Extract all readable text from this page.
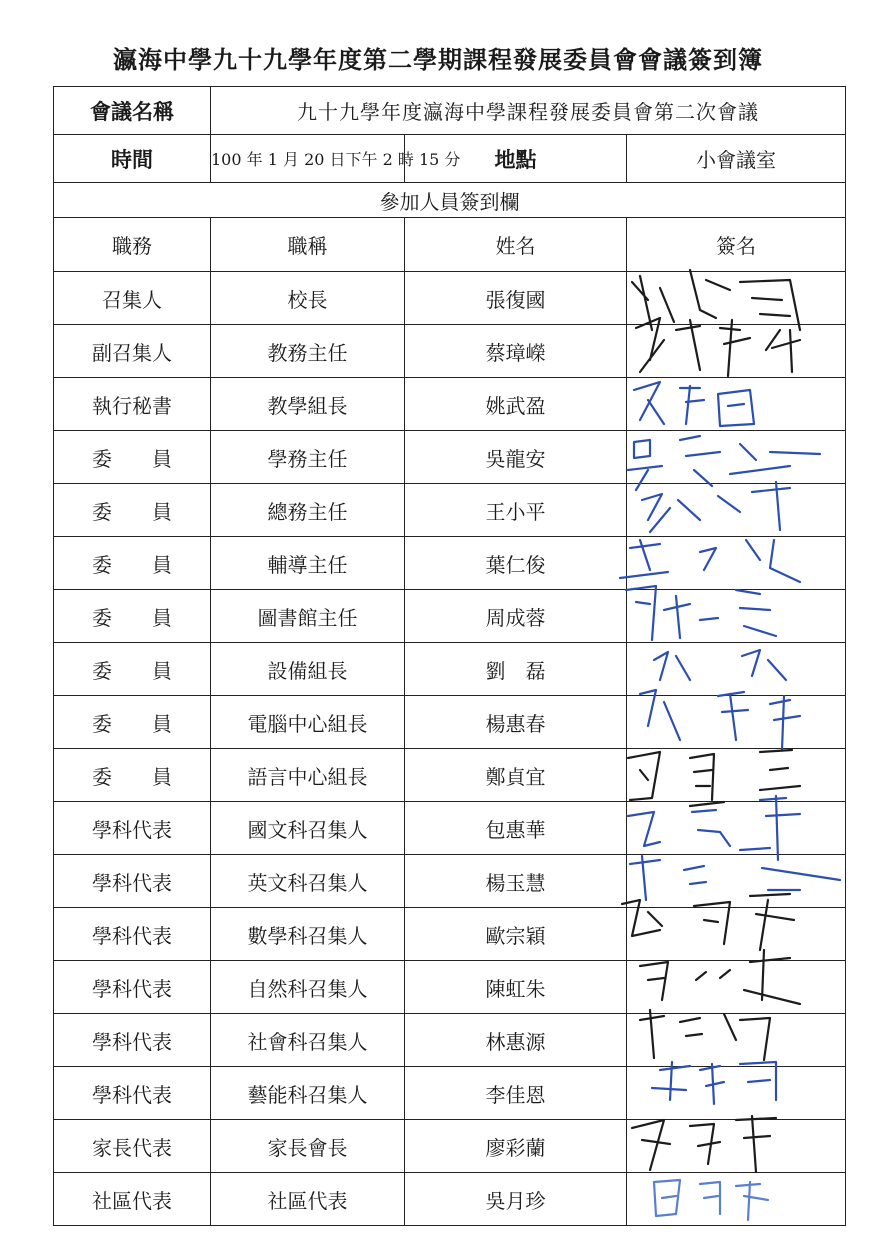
瀛海中學九十九學年度第二學期課程發展委員會會議簽到簿
會議名稱	九十九學年度瀛海中學課程發展委員會第二次會議		
時間	100 年 1 月 20 日下午 2 時 15 分	地點	小會議室
參加人員簽到欄			
職務	職稱	姓名	簽名
召集人	校長	張復國	
副召集人	教務主任	蔡璋嶸	
執行秘書	教學組長	姚武盈	
委　　員	學務主任	吳龍安	
委　　員	總務主任	王小平	
委　　員	輔導主任	葉仁俊	
委　　員	圖書館主任	周成蓉	
委　　員	設備組長	劉　磊	
委　　員	電腦中心組長	楊惠春	
委　　員	語言中心組長	鄭貞宜	
學科代表	國文科召集人	包惠華	
學科代表	英文科召集人	楊玉慧	
學科代表	數學科召集人	歐宗穎	
學科代表	自然科召集人	陳虹朱	
學科代表	社會科召集人	林惠源	
學科代表	藝能科召集人	李佳恩	
家長代表	家長會長	廖彩蘭	
社區代表	社區代表	吳月珍	
